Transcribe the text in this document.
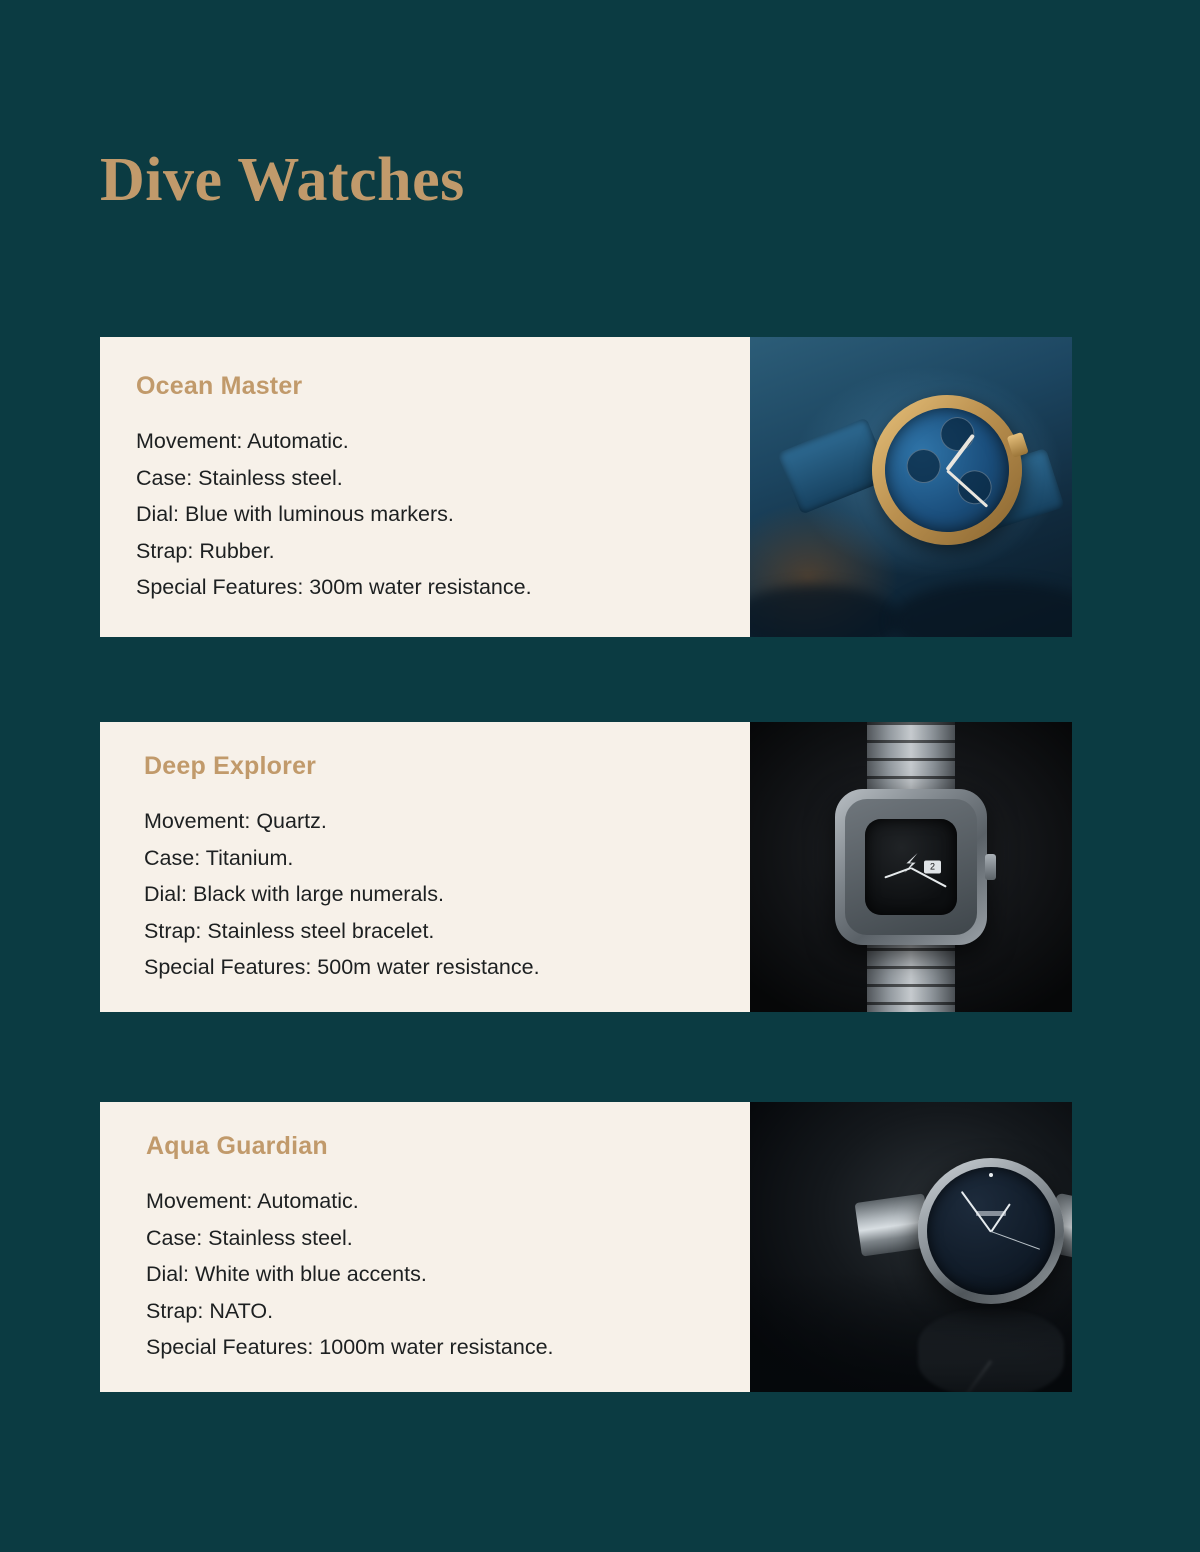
Dive Watches
Ocean Master
Movement: Automatic.
Case: Stainless steel.
Dial: Blue with luminous markers.
Strap: Rubber.
Special Features: 300m water resistance.
Deep Explorer
Movement: Quartz.
Case: Titanium.
Dial: Black with large numerals.
Strap: Stainless steel bracelet.
Special Features: 500m water resistance.
2
Aqua Guardian
Movement: Automatic.
Case: Stainless steel.
Dial: White with blue accents.
Strap: NATO.
Special Features: 1000m water resistance.
